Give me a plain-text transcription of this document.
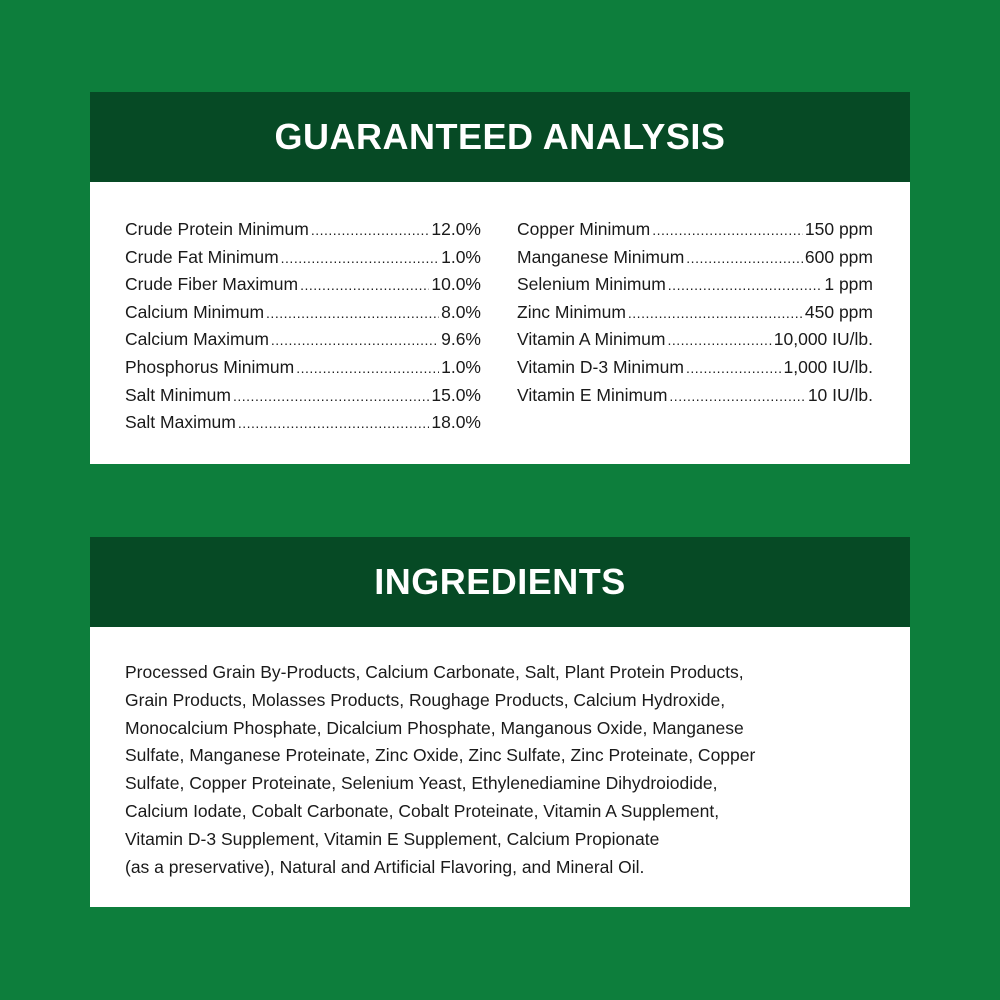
GUARANTEED ANALYSIS
Crude Protein Minimum .....	12.0%
Crude Fat Minimum .....	1.0%
Crude Fiber Maximum .....	10.0%
Calcium Minimum .....	8.0%
Calcium Maximum .....	9.6%
Phosphorus Minimum .....	1.0%
Salt Minimum .....	15.0%
Salt Maximum .....	18.0%
Copper Minimum .....	150 ppm
Manganese Minimum .....	600 ppm
Selenium Minimum .....	1 ppm
Zinc Minimum .....	450 ppm
Vitamin A Minimum .....	10,000 IU/lb.
Vitamin D-3 Minimum .....	1,000 IU/lb.
Vitamin E Minimum .....	10 IU/lb.
INGREDIENTS
Processed Grain By-Products, Calcium Carbonate, Salt, Plant Protein Products,
Grain Products, Molasses Products, Roughage Products, Calcium Hydroxide,
Monocalcium Phosphate, Dicalcium Phosphate, Manganous Oxide, Manganese
Sulfate, Manganese Proteinate, Zinc Oxide, Zinc Sulfate, Zinc Proteinate, Copper
Sulfate, Copper Proteinate, Selenium Yeast, Ethylenediamine Dihydroiodide,
Calcium Iodate, Cobalt Carbonate, Cobalt Proteinate, Vitamin A Supplement,
Vitamin D-3 Supplement, Vitamin E Supplement, Calcium Propionate
(as a preservative), Natural and Artificial Flavoring, and Mineral Oil.
